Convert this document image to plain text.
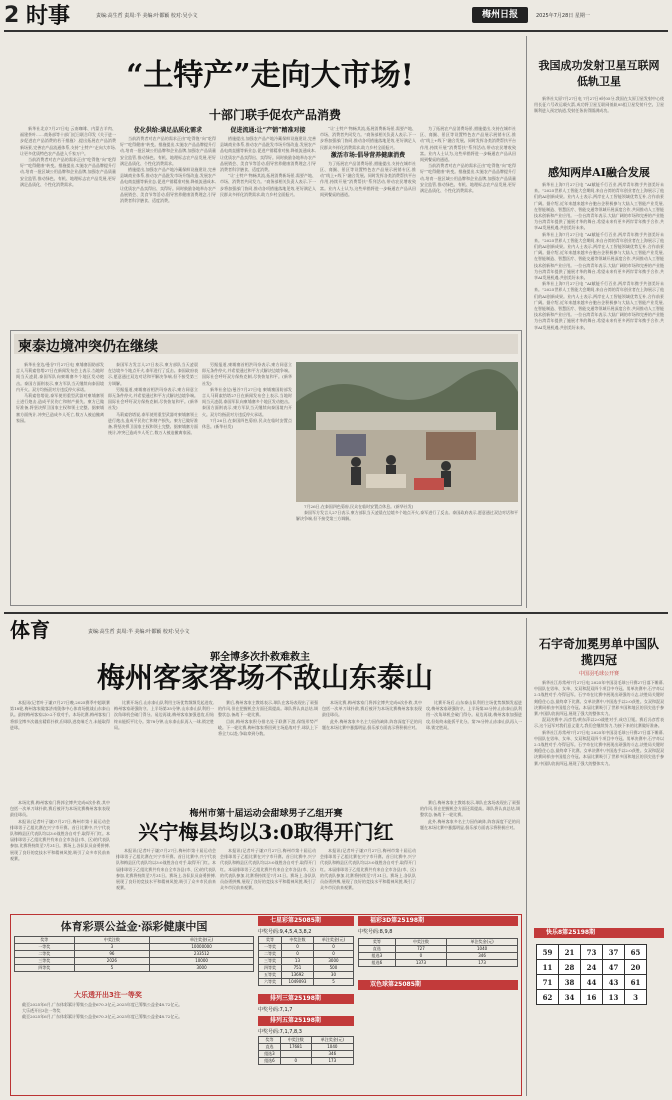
2 时事	责编:高生哲 责周:半 美编:叶都颖 校对:吴小文	梅州日报	2025年7月28日 星期一
“土特产”走向大市场!
十部门联手促农产品消费

新华社北京7月27日电 云南咖啡、内蒙古羊肉、福建茶叶……商务部等十部门近日联合印发《关于进一步促进农产品消费的若干措施》,提出拓展农产品消费新场景,完善农产品流通体系,支持“土特产”走向大市场,让更多优质特色农产品进入千家万户。

当前消费者对农产品的需求正由“吃得饱”向“吃得好”“吃得健康”转变。措施提出,实施农产品品牌提升行动,培育一批区域公用品牌和企业品牌,加强农产品质量安全监管,推动绿色、有机、地理标志农产品发展,更好满足品质化、个性化消费需求。

优化供给:满足品质化需求

当前消费者对农产品的需求正由“吃得饱”向“吃得好”“吃得健康”转变。措施提出,实施农产品品牌提升行动,培育一批区域公用品牌和企业品牌,加强农产品质量安全监管,推动绿色、有机、地理标志农产品发展,更好满足品质化、个性化消费需求。

措施提出,加强农产品产地冷藏保鲜设施建设,完善县域商业体系,推动农产品批发市场升级改造,发展农产品电商直播等新业态,促进产销精准对接,降低流通成本,让优质农产品卖得出、卖得好。同时鼓励各地举办农产品展销会、美食节等活动,倡导营养健康消费理念,引导消费者科学膳食、适度消费。

促进流通:让“产销”精准对接

措施提出,加强农产品产地冷藏保鲜设施建设,完善县域商业体系,推动农产品批发市场升级改造,发展农产品电商直播等新业态,促进产销精准对接,降低流通成本,让优质农产品卖得出、卖得好。同时鼓励各地举办农产品展销会、美食节等活动,倡导营养健康消费理念,引导消费者科学膳食、适度消费。

“让‘土特产’物畅其流,拓展消费新场景,需要产地、市场、消费者共同发力。”商务部相关负责人表示,下一步将加强部门协同,推动各项措施落地见效,更好满足人民群众多样化消费需求,助力乡村全面振兴。

“让‘土特产’物畅其流,拓展消费新场景,需要产地、市场、消费者共同发力。”商务部相关负责人表示,下一步将加强部门协同,推动各项措施落地见效,更好满足人民群众多样化消费需求,助力乡村全面振兴。

激活市场:倡导营养健康消费

为了拓展农产品消费场景,措施提出,支持在城市社区、商圈、景区等设置特色农产品展示展销专区,推动“线上+线下”融合发展。同时发挥各类消费帮扶平台作用,持续开展“消费帮扶”系列活动,带动农民增收致富。业内人士认为,这些举措将进一步畅通农产品从田间到餐桌的通道。

为了拓展农产品消费场景,措施提出,支持在城市社区、商圈、景区等设置特色农产品展示展销专区,推动“线上+线下”融合发展。同时发挥各类消费帮扶平台作用,持续开展“消费帮扶”系列活动,带动农民增收致富。业内人士认为,这些举措将进一步畅通农产品从田间到餐桌的通道。

当前消费者对农产品的需求正由“吃得饱”向“吃得好”“吃得健康”转变。措施提出,实施农产品品牌提升行动,培育一批区域公用品牌和企业品牌,加强农产品质量安全监管,推动绿色、有机、地理标志农产品发展,更好满足品质化、个性化消费需求。

我国成功发射卫星互联网低轨卫星

新华社太原7月27日电 7月27日9时05分,我国在太原卫星发射中心使用长征六号改运载火箭,成功将卫星互联网低轨05组卫星发射升空。卫星顺利进入预定轨道,发射任务获得圆满成功。

感知两岸AI融合发展

新华社上海7月27日电 “AI赋能千行百业,两岸青年携手共创美好未来。”2025世界人工智能大会期间,来自台湾的青年创业者在上海展示了他们的AI创新成果。业内人士表示,两岸在人工智能领域优势互补,合作前景广阔。据介绍,近年来越来越多台胞台企积极参与大陆人工智能产业发展,在智能制造、智慧医疗、智能交通等领域开展深度合作,共同推动人工智能技术创新和产业应用。一位台湾青年表示,大陆广阔的市场和完善的产业链为台湾青年提供了施展才华的舞台,希望未来有更多两岸青年携手合作,共享AI发展机遇,共创美好未来。

新华社上海7月27日电 “AI赋能千行百业,两岸青年携手共创美好未来。”2025世界人工智能大会期间,来自台湾的青年创业者在上海展示了他们的AI创新成果。业内人士表示,两岸在人工智能领域优势互补,合作前景广阔。据介绍,近年来越来越多台胞台企积极参与大陆人工智能产业发展,在智能制造、智慧医疗、智能交通等领域开展深度合作,共同推动人工智能技术创新和产业应用。一位台湾青年表示,大陆广阔的市场和完善的产业链为台湾青年提供了施展才华的舞台,希望未来有更多两岸青年携手合作,共享AI发展机遇,共创美好未来。

新华社上海7月27日电 “AI赋能千行百业,两岸青年携手共创美好未来。”2025世界人工智能大会期间,来自台湾的青年创业者在上海展示了他们的AI创新成果。业内人士表示,两岸在人工智能领域优势互补,合作前景广阔。据介绍,近年来越来越多台胞台企积极参与大陆人工智能产业发展,在智能制造、智慧医疗、智能交通等领域开展深度合作,共同推动人工智能技术创新和产业应用。一位台湾青年表示,大陆广阔的市场和完善的产业链为台湾青年提供了施展才华的舞台,希望未来有更多两岸青年携手合作,共享AI发展机遇,共创美好未来。

柬泰边境冲突仍在继续

新华社金边/曼谷7月27日电 柬埔寨国防部发言人马莉索恰塔27日在新闻发布会上表示,当地时间当天凌晨,泰国军队向柬埔寨多个地区发动炮击。泰国方面则表示,柬方军队当天继续向泰国境内开火。双方均指责对方违反停火承诺。

马莉索恰塔说,泰军使用重型武器对柬埔寨领土进行炮击,造成平民伤亡和财产损失。柬方已做好准备,将坚决捍卫国家主权和领土完整。据柬埔寨方面统计,冲突已造成多人死亡,数万人被迫撤离家园。

泰国军方发言人27日表示,柬方部队当天凌晨在边境多个地点开火,泰军进行了反击。泰国政府表示,愿意通过双边对话和平解决争端,但不接受第三方调解。

另据报道,柬埔寨首相洪玛奈表示,柬方同意立即无条件停火,并希望通过和平方式解决边境争端。国际社会呼吁双方保持克制,尽快恢复和平。(新华社发)

马莉索恰塔说,泰军使用重型武器对柬埔寨领土进行炮击,造成平民伤亡和财产损失。柬方已做好准备,将坚决捍卫国家主权和领土完整。据柬埔寨方面统计,冲突已造成多人死亡,数万人被迫撤离家园。

另据报道,柬埔寨首相洪玛奈表示,柬方同意立即无条件停火,并希望通过和平方式解决边境争端。国际社会呼吁双方保持克制,尽快恢复和平。(新华社发)

新华社金边/曼谷7月27日电 柬埔寨国防部发言人马莉索恰塔27日在新闻发布会上表示,当地时间当天凌晨,泰国军队向柬埔寨多个地区发动炮击。泰国方面则表示,柬方军队当天继续向泰国境内开火。双方均指责对方违反停火承诺。

7月26日,在泰国四色菊府,民众在临时安置点休息。(新华社发)

7月26日,在泰国四色菊府,民众在临时安置点休息。(新华社发)

泰国军方发言人27日表示,柬方部队当天凌晨在边境多个地点开火,泰军进行了反击。泰国政府表示,愿意通过双边对话和平解决争端,但不接受第三方调解。

体育	责编:高生哲 责周:半 美编:叶都颖 校对:吴小文
郭全博多次扑救难救主
梅州客家客场不敌山东泰山

本报讯(记者叶子谦)7月27日晚,2025赛季中超联赛第18轮,梅州客家做客济南奥体中心体育场挑战山东泰山队。最终梅州客家以0:2不敌对手。本场比赛,梅州客家门将郭全博多次做出精彩扑救,但球队进攻端乏力,未能取得进球。

比赛开场后,山东泰山队利用主场优势频频发起进攻,梅州客家顽强防守。上半场第35分钟,山东泰山队利用一次角球机会破门得分。易边再战,梅州客家加强进攻,但始终未能扳平比分。第78分钟,山东泰山队再入一球,锁定胜局。

赛后,梅州客家主教练表示,球队在客场表现出了顽强的作风,但在把握机会方面还需提高。球队将认真总结,调整状态,备战下一轮比赛。

目前,梅州客家积分排名处于联赛下游,保级形势严峻。下一轮比赛,梅州客家将回到主场迎战对手,球队上下将全力以赴,争取拿到分数。

本场比赛,梅州客家门将郭全博共完成6次扑救,其中包括一次单刀球扑救,赛后被评为本场比赛梅州客家表现最佳球员。

此外,梅州客家多名主力因伤缺阵,阵容深度不足的问题在本场比赛中暴露明显,俱乐部方面表示将积极应对。

比赛开场后,山东泰山队利用主场优势频频发起进攻,梅州客家顽强防守。上半场第35分钟,山东泰山队利用一次角球机会破门得分。易边再战,梅州客家加强进攻,但始终未能扳平比分。第78分钟,山东泰山队再入一球,锁定胜局。

本场比赛,梅州客家门将郭全博共完成6次扑救,其中包括一次单刀球扑救,赛后被评为本场比赛梅州客家表现最佳球员。

本报讯(记者叶子谦)7月27日,梅州市第十届运动会排球男子乙组比赛在兴宁市开赛。首日比赛中,兴宁代表队和梅县区代表队均以3:0战胜各自对手,取得开门红。本届排球男子乙组比赛共有来自全市各县(市、区)的代表队参加,比赛将持续至7月31日。赛场上,各队队员奋勇拼搏,展现了良好的竞技水平和精神风貌,吸引了众多市民前来观赛。

梅州市第十届运动会甜球男子乙组开赛
兴宁梅县均以3:0取得开门红

本报讯(记者叶子谦)7月27日,梅州市第十届运动会排球男子乙组比赛在兴宁市开赛。首日比赛中,兴宁代表队和梅县区代表队均以3:0战胜各自对手,取得开门红。本届排球男子乙组比赛共有来自全市各县(市、区)的代表队参加,比赛将持续至7月31日。赛场上,各队队员奋勇拼搏,展现了良好的竞技水平和精神风貌,吸引了众多市民前来观赛。

本报讯(记者叶子谦)7月27日,梅州市第十届运动会排球男子乙组比赛在兴宁市开赛。首日比赛中,兴宁代表队和梅县区代表队均以3:0战胜各自对手,取得开门红。本届排球男子乙组比赛共有来自全市各县(市、区)的代表队参加,比赛将持续至7月31日。赛场上,各队队员奋勇拼搏,展现了良好的竞技水平和精神风貌,吸引了众多市民前来观赛。

本报讯(记者叶子谦)7月27日,梅州市第十届运动会排球男子乙组比赛在兴宁市开赛。首日比赛中,兴宁代表队和梅县区代表队均以3:0战胜各自对手,取得开门红。本届排球男子乙组比赛共有来自全市各县(市、区)的代表队参加,比赛将持续至7月31日。赛场上,各队队员奋勇拼搏,展现了良好的竞技水平和精神风貌,吸引了众多市民前来观赛。

赛后,梅州客家主教练表示,球队在客场表现出了顽强的作风,但在把握机会方面还需提高。球队将认真总结,调整状态,备战下一轮比赛。

此外,梅州客家多名主力因伤缺阵,阵容深度不足的问题在本场比赛中暴露明显,俱乐部方面表示将积极应对。

石宇奇加冕男单中国队揽四冠
中国羽毛球公开赛

新华社江苏常州7月27日电 2025年中国羽毛球公开赛27日落下帷幕,中国队在男单、女单、女双和混双四个项目中夺冠。男单决赛中,石宇奇以2:1战胜对手,夺得冠军。石宇奇在比赛中展现出顽强的斗志,决胜局关键时刻稳住心态,最终拿下比赛。女单决赛中,中国选手以2:0获胜。女双和混双决赛同样由中国组合夺冠。本届比赛吸引了世界多国和地区的顶尖选手参赛,中国队收获四冠,展现了强大的整体实力。

混双决赛中,冯彦哲/黄东萍以2:0战胜对手,成功卫冕。赛后冯彦哲表示,这个冠军对我们意义重大,我们会继续努力,为接下来的比赛做好准备。

新华社江苏常州7月27日电 2025年中国羽毛球公开赛27日落下帷幕,中国队在男单、女单、女双和混双四个项目中夺冠。男单决赛中,石宇奇以2:1战胜对手,夺得冠军。石宇奇在比赛中展现出顽强的斗志,决胜局关键时刻稳住心态,最终拿下比赛。女单决赛中,中国选手以2:0获胜。女双和混双决赛同样由中国组合夺冠。本届比赛吸引了世界多国和地区的顶尖选手参赛,中国队收获四冠,展现了强大的整体实力。

体育彩票公益金·添彩健康中国
奖等	中奖注数	单注奖金(元)
一等奖	3	10000000
二等奖	96	233512
三等奖	2026	10000
四等奖	5	3000
大乐透开出3注一等奖

截至2025年6月,广东体彩累计筹集公益金670.3亿元,2025年度已筹集公益金48.72亿元。

大乐透开出3注一等奖

截至2025年6月,广东体彩累计筹集公益金670.3亿元,2025年度已筹集公益金48.72亿元。

七星彩第25085期
中奖号码:9,4,5,4,3,8,2
奖等	中奖注数	单注奖金(元)
一等奖	0	0
二等奖	0	0
三等奖	13	3000
四等奖	751	500
五等奖	13692	30
六等奖	1049093	5
排列三第25198期
中奖号码:7,1,7
排列五第25198期
中奖号码:7,1,7,8,3
奖等	中奖注数	单注奖金(元)
直选	17681	1040
组选3		346
组选6	0	173
福彩3D第25198期
中奖号码:8,9,8
奖等	中奖注数	单注奖金(元)
直选	727	1040
组选3	0	346
组选6	1373	173
双色球第25085期
快乐8第25198期
59	21	73	37	65
11	28	24	47	20
71	38	44	43	61
62	34	16	13	3
